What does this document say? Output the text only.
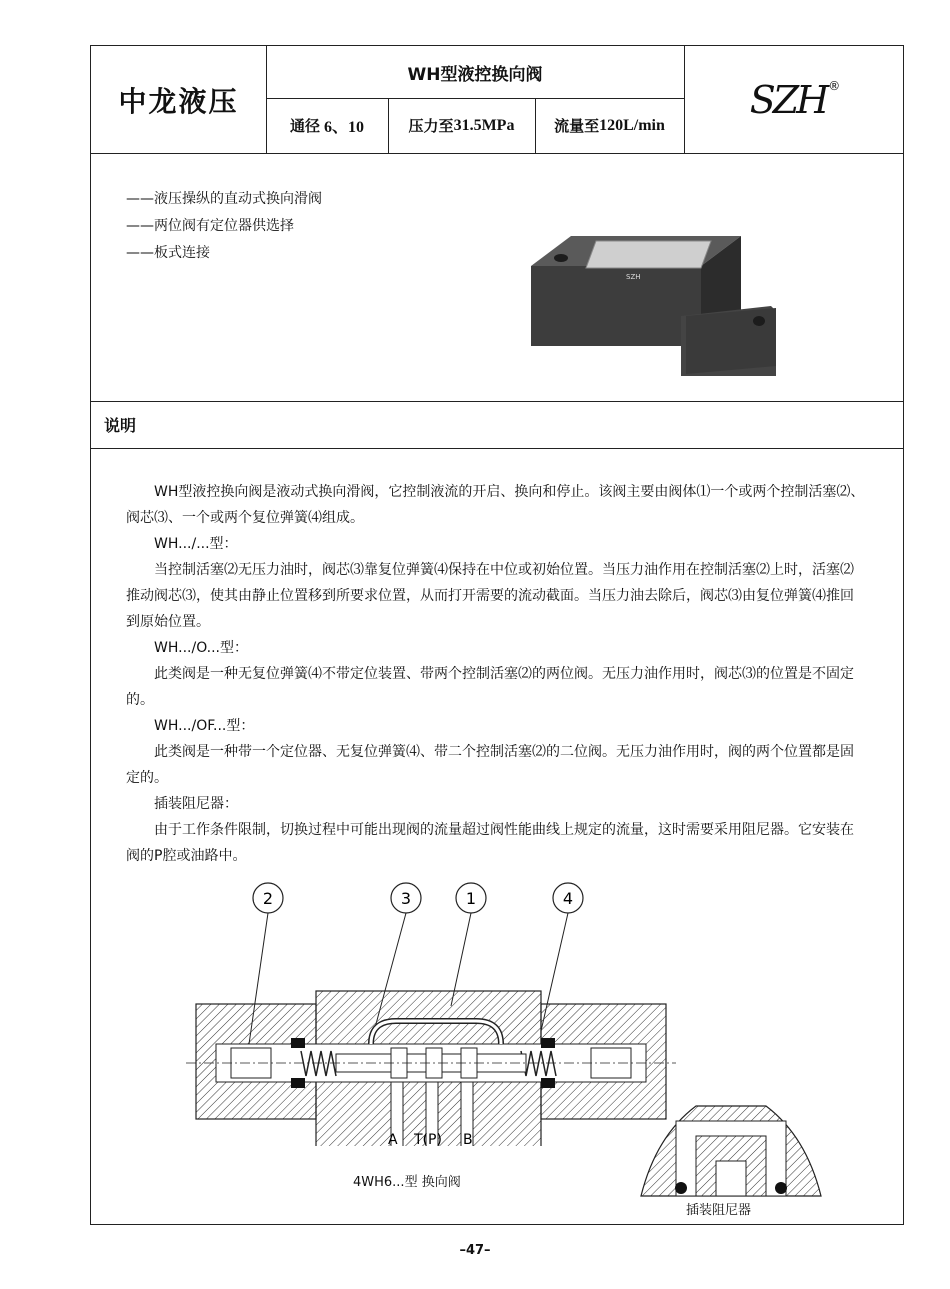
中龙液压
WH型液控换向阀
通径 6、10	压力至 31.5MPa	流量至 120L/min
SZH ®
——液压操纵的直动式换向滑阀
——两位阀有定位器供选择
——板式连接
SZH
说明

WH型液控换向阀是液动式换向滑阀，它控制液流的开启、换向和停止。该阀主要由阀体⑴一个或两个控制活塞⑵、阀芯⑶、一个或两个复位弹簧⑷组成。

WH.../...型：

当控制活塞⑵无压力油时，阀芯⑶靠复位弹簧⑷保持在中位或初始位置。当压力油作用在控制活塞⑵上时，活塞⑵推动阀芯⑶，使其由静止位置移到所要求位置，从而打开需要的流动截面。当压力油去除后，阀芯⑶由复位弹簧⑷推回到原始位置。

WH.../O...型：

此类阀是一种无复位弹簧⑷不带定位装置、带两个控制活塞⑵的两位阀。无压力油作用时，阀芯⑶的位置是不固定的。

WH.../OF...型：

此类阀是一种带一个定位器、无复位弹簧⑷、带二个控制活塞⑵的二位阀。无压力油作用时，阀的两个位置都是固定的。

插装阻尼器：

由于工作条件限制，切换过程中可能出现阀的流量超过阀性能曲线上规定的流量，这时需要采用阻尼器。它安装在阀的P腔或油路中。

2	3	1	4
A T(P) B
4WH6...型 换向阀
插装阻尼器
–47–
